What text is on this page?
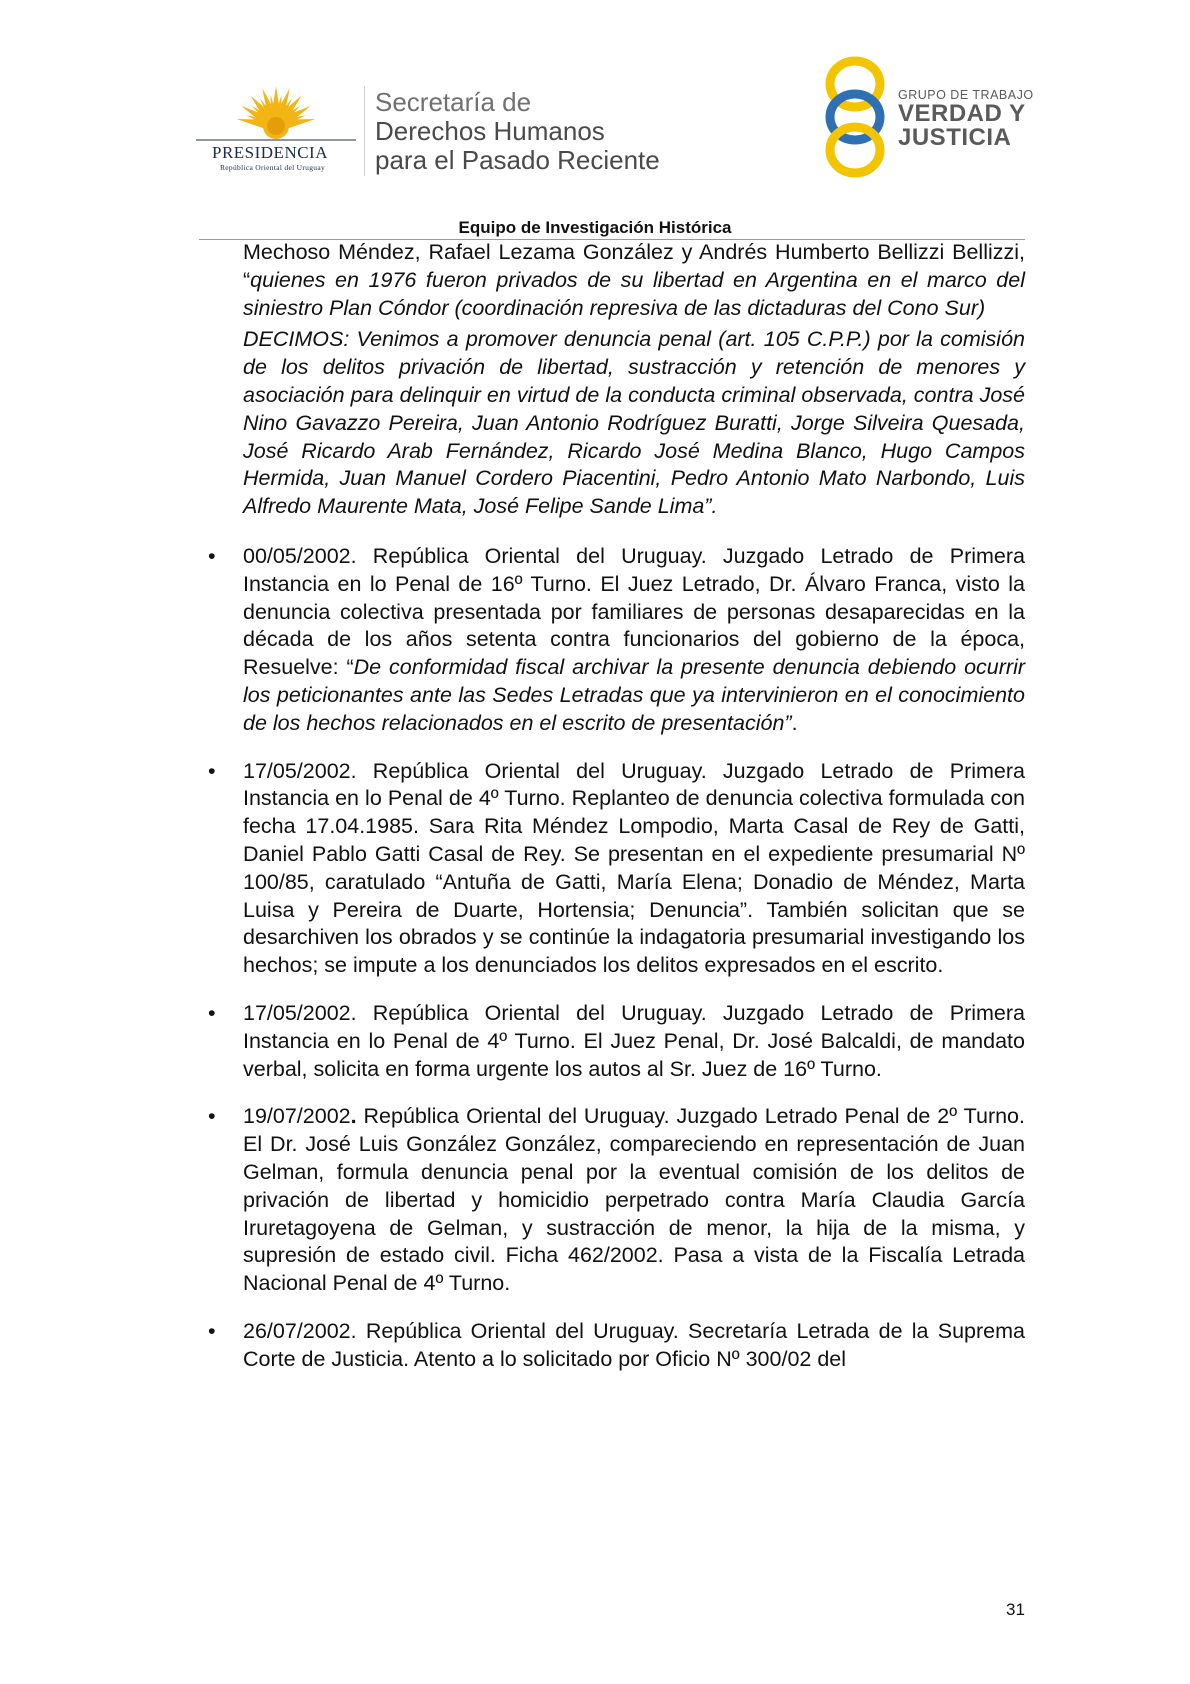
PRESIDENCIA
República Oriental del Uruguay
Secretaría de
Derechos Humanos
para el Pasado Reciente
GRUPO DE TRABAJO
VERDAD Y
JUSTICIA
Equipo de Investigación Histórica

Mechoso Méndez, Rafael Lezama González y Andrés Humberto Bellizzi Bellizzi, “quienes en 1976 fueron privados de su libertad en Argentina en el marco del siniestro Plan Cóndor (coordinación represiva de las dictaduras del Cono Sur)

DECIMOS: Venimos a promover denuncia penal (art. 105 C.P.P.) por la comisión de los delitos privación de libertad, sustracción y retención de menores y asociación para delinquir en virtud de la conducta criminal observada, contra José Nino Gavazzo Pereira, Juan Antonio Rodríguez Buratti, Jorge Silveira Quesada, José Ricardo Arab Fernández, Ricardo José Medina Blanco, Hugo Campos Hermida, Juan Manuel Cordero Piacentini, Pedro Antonio Mato Narbondo, Luis Alfredo Maurente Mata, José Felipe Sande Lima”.

• 00/05/2002. República Oriental del Uruguay. Juzgado Letrado de Primera Instancia en lo Penal de 16º Turno. El Juez Letrado, Dr. Álvaro Franca, visto la denuncia colectiva presentada por familiares de personas desaparecidas en la década de los años setenta contra funcionarios del gobierno de la época, Resuelve: “De conformidad fiscal archivar la presente denuncia debiendo ocurrir los peticionantes ante las Sedes Letradas que ya intervinieron en el conocimiento de los hechos relacionados en el escrito de presentación”.
• 17/05/2002. República Oriental del Uruguay. Juzgado Letrado de Primera Instancia en lo Penal de 4º Turno. Replanteo de denuncia colectiva formulada con fecha 17.04.1985. Sara Rita Méndez Lompodio, Marta Casal de Rey de Gatti, Daniel Pablo Gatti Casal de Rey. Se presentan en el expediente presumarial Nº 100/85, caratulado “Antuña de Gatti, María Elena; Donadio de Méndez, Marta Luisa y Pereira de Duarte, Hortensia; Denuncia”. También solicitan que se desarchiven los obrados y se continúe la indagatoria presumarial investigando los hechos; se impute a los denunciados los delitos expresados en el escrito.
• 17/05/2002. República Oriental del Uruguay. Juzgado Letrado de Primera Instancia en lo Penal de 4º Turno. El Juez Penal, Dr. José Balcaldi, de mandato verbal, solicita en forma urgente los autos al Sr. Juez de 16º Turno.
• 19/07/2002. República Oriental del Uruguay. Juzgado Letrado Penal de 2º Turno. El Dr. José Luis González González, compareciendo en representación de Juan Gelman, formula denuncia penal por la eventual comisión de los delitos de privación de libertad y homicidio perpetrado contra María Claudia García Iruretagoyena de Gelman, y sustracción de menor, la hija de la misma, y supresión de estado civil. Ficha 462/2002. Pasa a vista de la Fiscalía Letrada Nacional Penal de 4º Turno.
• 26/07/2002. República Oriental del Uruguay. Secretaría Letrada de la Suprema Corte de Justicia. Atento a lo solicitado por Oficio Nº 300/02 del
31
